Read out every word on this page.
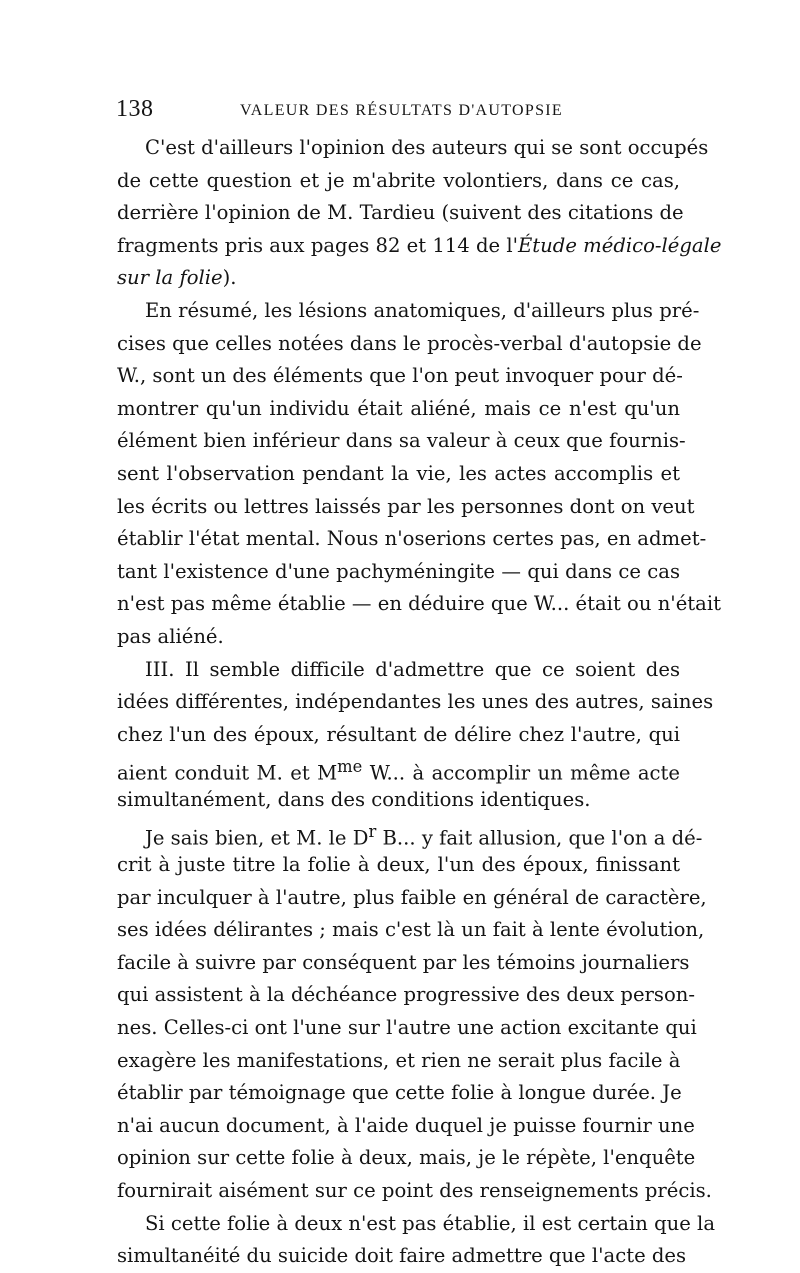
138	VALEUR DES RÉSULTATS D'AUTOPSIE
C'est d'ailleurs l'opinion des auteurs qui se sont occupés
de cette question et je m'abrite volontiers, dans ce cas,
derrière l'opinion de M. Tardieu (suivent des citations de
fragments pris aux pages 82 et 114 de l'Étude médico-légale
sur la folie).
En résumé, les lésions anatomiques, d'ailleurs plus pré-
cises que celles notées dans le procès-verbal d'autopsie de
W., sont un des éléments que l'on peut invoquer pour dé-
montrer qu'un individu était aliéné, mais ce n'est qu'un
élément bien inférieur dans sa valeur à ceux que fournis-
sent l'observation pendant la vie, les actes accomplis et
les écrits ou lettres laissés par les personnes dont on veut
établir l'état mental. Nous n'oserions certes pas, en admet-
tant l'existence d'une pachyméningite — qui dans ce cas
n'est pas même établie — en déduire que W... était ou n'était
pas aliéné.
III. Il semble difficile d'admettre que ce soient des
idées différentes, indépendantes les unes des autres, saines
chez l'un des époux, résultant de délire chez l'autre, qui
aient conduit M. et $M^{me}$ W... à accomplir un même acte
simultanément, dans des conditions identiques.
Je sais bien, et M. le $D^r$ B... y fait allusion, que l'on a dé-
crit à juste titre la folie à deux, l'un des époux, finissant
par inculquer à l'autre, plus faible en général de caractère,
ses idées délirantes ; mais c'est là un fait à lente évolution,
facile à suivre par conséquent par les témoins journaliers
qui assistent à la déchéance progressive des deux person-
nes. Celles-ci ont l'une sur l'autre une action excitante qui
exagère les manifestations, et rien ne serait plus facile à
établir par témoignage que cette folie à longue durée. Je
n'ai aucun document, à l'aide duquel je puisse fournir une
opinion sur cette folie à deux, mais, je le répète, l'enquête
fournirait aisément sur ce point des renseignements précis.
Si cette folie à deux n'est pas établie, il est certain que la
simultanéité du suicide doit faire admettre que l'acte des
